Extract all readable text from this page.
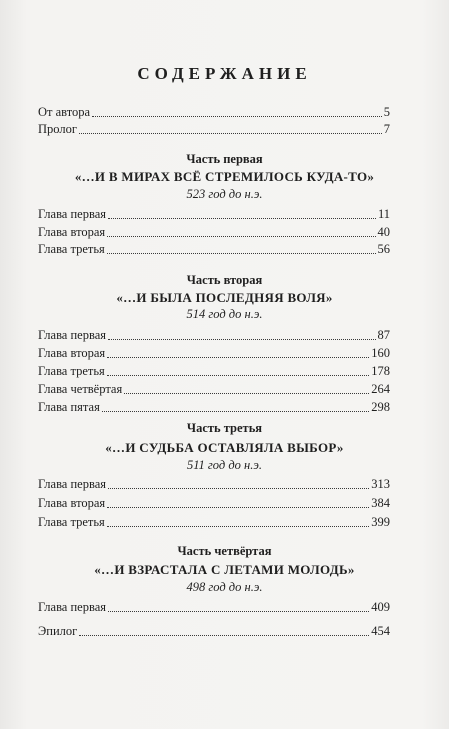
СОДЕРЖАНИЕ
От автора	5
Пролог	7
Часть первая
«…И В МИРАХ ВСЁ СТРЕМИЛОСЬ КУДА-ТО»
523 год до н.э.
Глава первая	11
Глава вторая	40
Глава третья	56
Часть вторая
«…И БЫЛА ПОСЛЕДНЯЯ ВОЛЯ»
514 год до н.э.
Глава первая	87
Глава вторая	160
Глава третья	178
Глава четвёртая	264
Глава пятая	298
Часть третья
«…И СУДЬБА ОСТАВЛЯЛА ВЫБОР»
511 год до н.э.
Глава первая	313
Глава вторая	384
Глава третья	399
Часть четвёртая
«…И ВЗРАСТАЛА С ЛЕТАМИ МОЛОДЬ»
498 год до н.э.
Глава первая	409
Эпилог	454
